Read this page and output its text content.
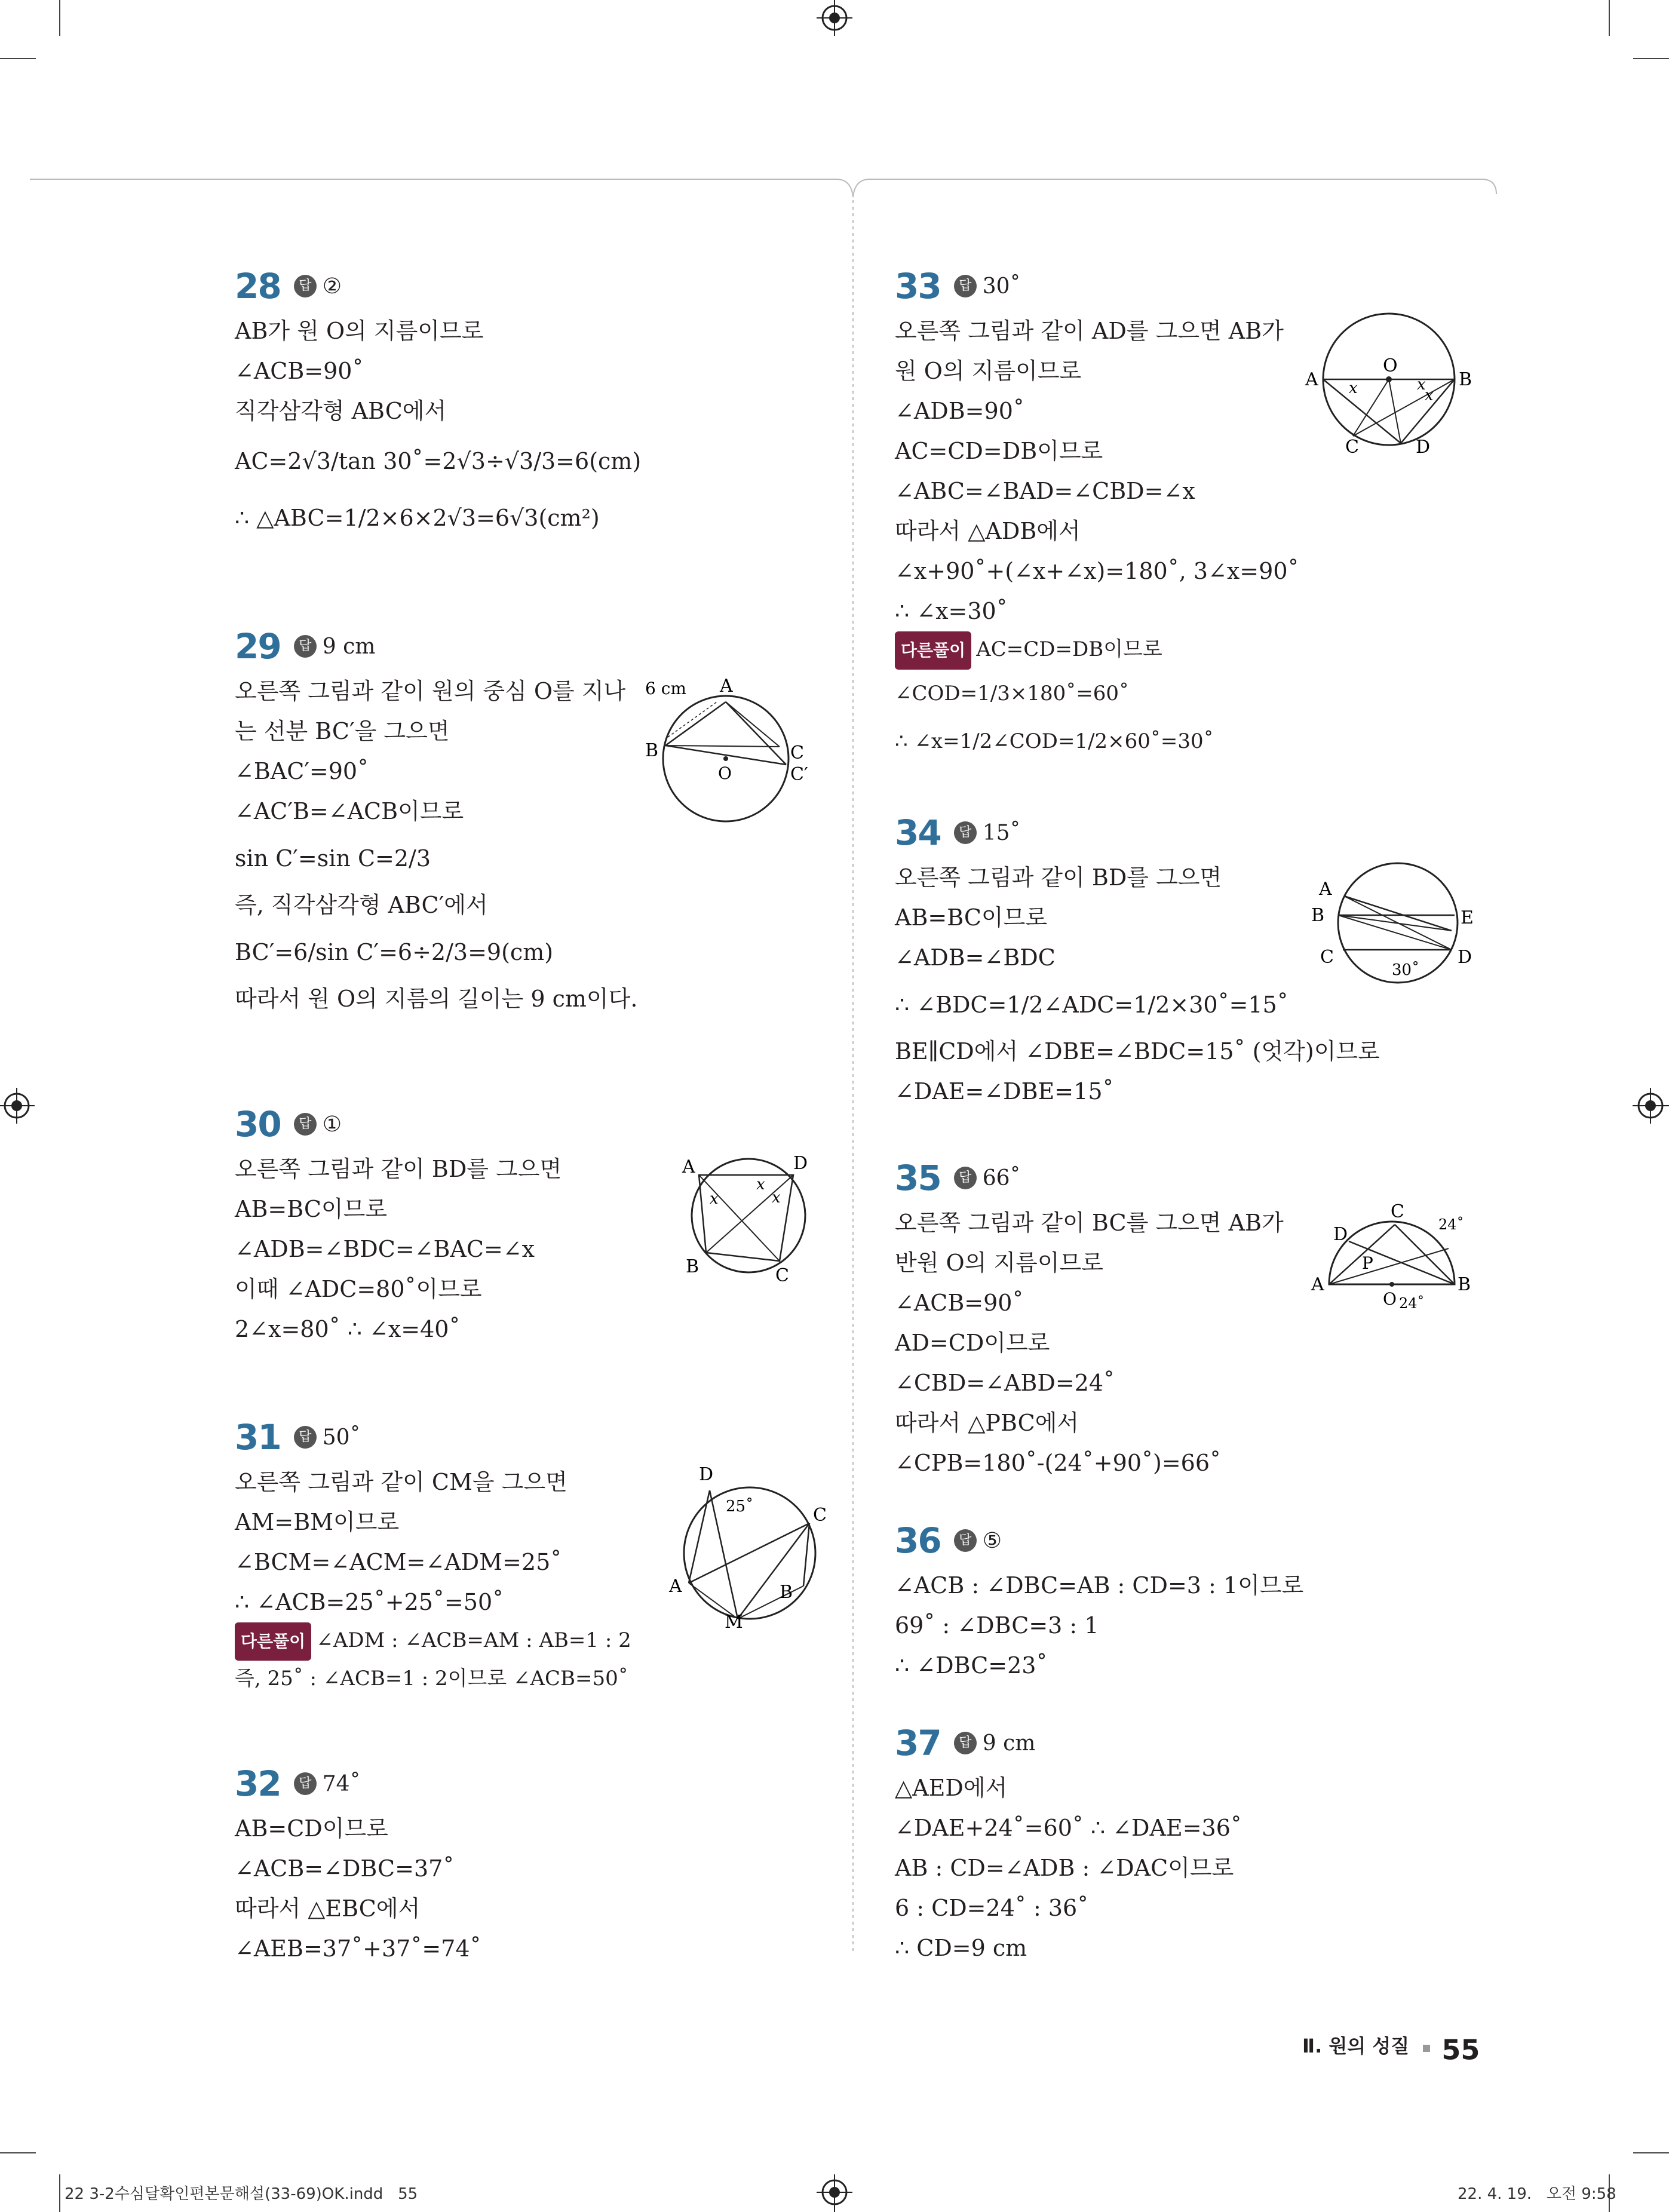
28 답 ②
AB가 원 O의 지름이므로
∠ACB=90˚
직각삼각형 ABC에서
AC=2√3/tan 30˚=2√3÷√3/3=6(cm)
∴ △ABC=1/2×6×2√3=6√3(cm²)
29 답 9 cm
오른쪽 그림과 같이 원의 중심 O를 지나
는 선분 BC′을 그으면
∠BAC′=90˚
∠AC′B=∠ACB이므로
sin C′=sin C=2/3
즉, 직각삼각형 ABC′에서
BC′=6/sin C′=6÷2/3=9(cm)
따라서 원 O의 지름의 길이는 9 cm이다.
6 cm A
B	C
C′
O
30 답 ①
오른쪽 그림과 같이 BD를 그으면
AB=BC이므로
∠ADB=∠BDC=∠BAC=∠x
이때 ∠ADC=80˚이므로
2∠x=80˚ ∴ ∠x=40˚
A	D
B	C
x
x
x
31 답 50˚
오른쪽 그림과 같이 CM을 그으면
AM=BM이므로
∠BCM=∠ACM=∠ADM=25˚
∴ ∠ACB=25˚+25˚=50˚
다른풀이 ∠ADM : ∠ACB=AM : AB=1 : 2
즉, 25˚ : ∠ACB=1 : 2이므로 ∠ACB=50˚
D
25˚	C
A	B
M
32 답 74˚
AB=CD이므로
∠ACB=∠DBC=37˚
따라서 △EBC에서
∠AEB=37˚+37˚=74˚
33 답 30˚
오른쪽 그림과 같이 AD를 그으면 AB가
원 O의 지름이므로
∠ADB=90˚
AC=CD=DB이므로
∠ABC=∠BAD=∠CBD=∠x
따라서 △ADB에서
∠x+90˚+(∠x+∠x)=180˚, 3∠x=90˚
∴ ∠x=30˚
다른풀이 AC=CD=DB이므로
∠COD=1/3×180˚=60˚
∴ ∠x=1/2∠COD=1/2×60˚=30˚
A	B
O
C	D
x	x
x
34 답 15˚
오른쪽 그림과 같이 BD를 그으면
AB=BC이므로
∠ADB=∠BDC
∴ ∠BDC=1/2∠ADC=1/2×30˚=15˚
BE∥CD에서 ∠DBE=∠BDC=15˚ (엇각)이므로
∠DAE=∠DBE=15˚
A
B
C	D
E
30˚
35 답 66˚
오른쪽 그림과 같이 BC를 그으면 AB가
반원 O의 지름이므로
∠ACB=90˚
AD=CD이므로
∠CBD=∠ABD=24˚
따라서 △PBC에서
∠CPB=180˚-(24˚+90˚)=66˚
A	B
C
D
P
O
24˚
24˚
36 답 ⑤
∠ACB : ∠DBC=AB : CD=3 : 1이므로
69˚ : ∠DBC=3 : 1
∴ ∠DBC=23˚
37 답 9 cm
△AED에서
∠DAE+24˚=60˚ ∴ ∠DAE=36˚
AB : CD=∠ADB : ∠DAC이므로
6 : CD=24˚ : 36˚
∴ CD=9 cm
Ⅱ. 원의 성질 55
22 3-2수심달확인편본문해설(33-69)OK.indd   55	22. 4. 19.   오전 9:58
